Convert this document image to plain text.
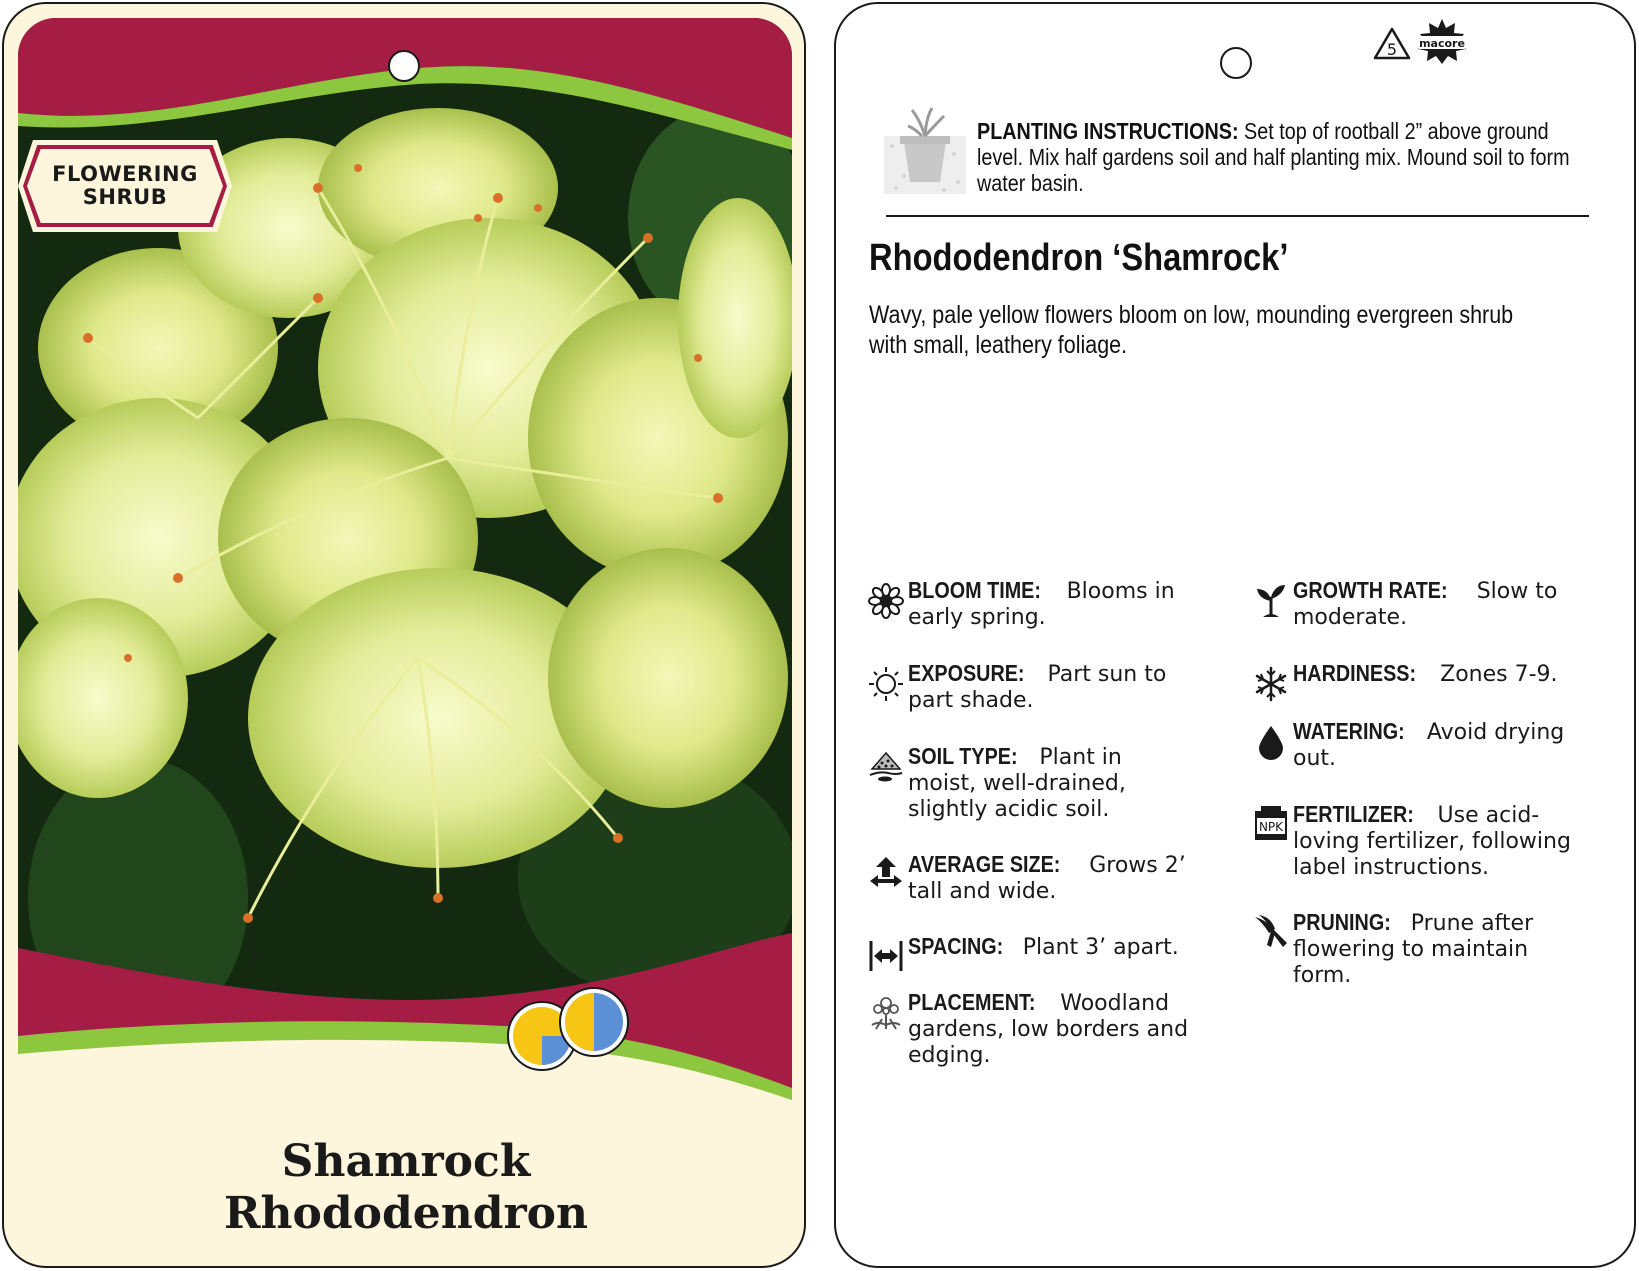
FLOWERING
SHRUB
Shamrock
Rhododendron
5 macore
PLANTING INSTRUCTIONS: Set top of rootball 2” above ground level. Mix half gardens soil and half planting mix. Mound soil to form water basin.
Rhododendron ‘Shamrock’
Wavy, pale yellow flowers bloom on low, mounding evergreen shrub with small, leathery foliage.
BLOOM TIME: Blooms in early spring.
EXPOSURE: Part sun to part shade.
SOIL TYPE: Plant in moist, well-drained, slightly acidic soil.
AVERAGE SIZE: Grows 2’ tall and wide.
SPACING: Plant 3’ apart.
PLACEMENT: Woodland gardens, low borders and edging.
GROWTH RATE: Slow to moderate.
HARDINESS: Zones 7-9.
WATERING: Avoid drying out.
NPK FERTILIZER: Use acid-loving fertilizer, following label instructions.
PRUNING: Prune after flowering to maintain form.
